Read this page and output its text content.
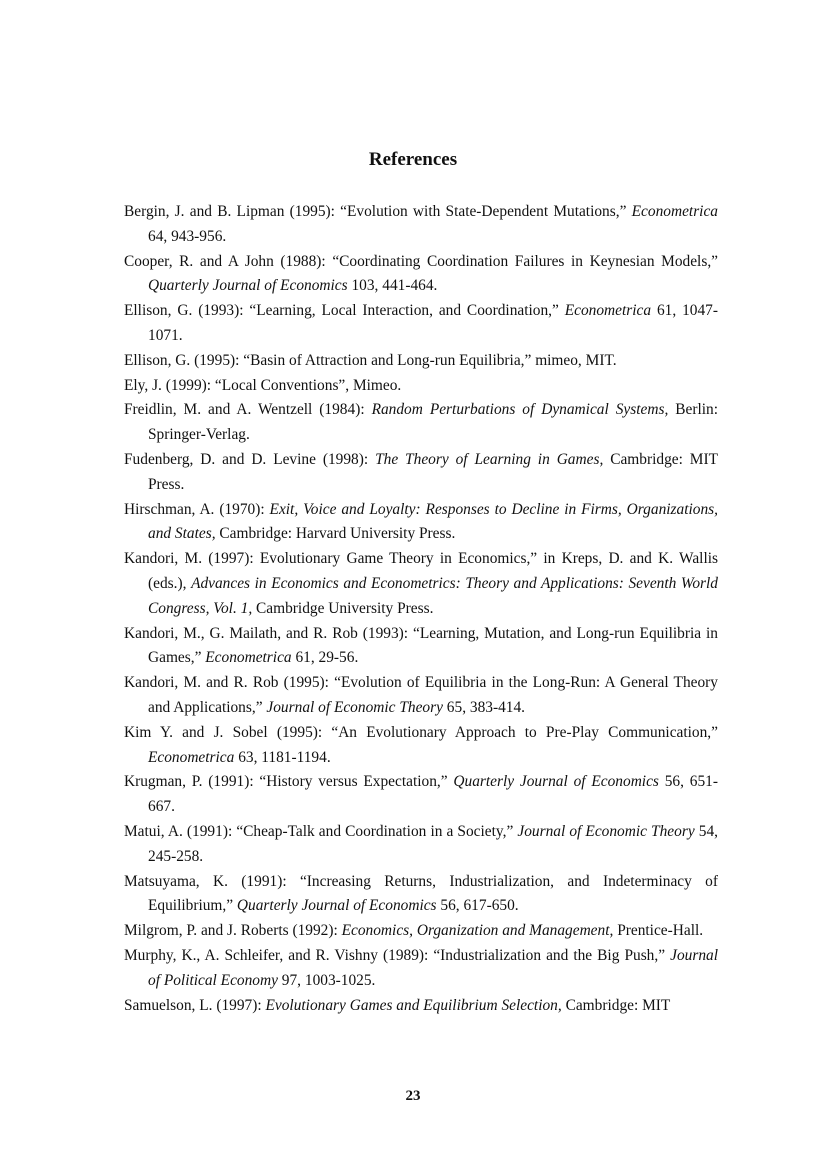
References
Bergin, J. and B. Lipman (1995): “Evolution with State-Dependent Mutations,” Econometrica 64, 943-956.
Cooper, R. and A John (1988): “Coordinating Coordination Failures in Keynesian Models,” Quarterly Journal of Economics 103, 441-464.
Ellison, G. (1993): “Learning, Local Interaction, and Coordination,” Econometrica 61, 1047-1071.
Ellison, G. (1995): “Basin of Attraction and Long-run Equilibria,” mimeo, MIT.
Ely, J. (1999): “Local Conventions”, Mimeo.
Freidlin, M. and A. Wentzell (1984): Random Perturbations of Dynamical Systems, Berlin: Springer-Verlag.
Fudenberg, D. and D. Levine (1998): The Theory of Learning in Games, Cambridge: MIT Press.
Hirschman, A. (1970): Exit, Voice and Loyalty: Responses to Decline in Firms, Organizations, and States, Cambridge: Harvard University Press.
Kandori, M. (1997): Evolutionary Game Theory in Economics,” in Kreps, D. and K. Wallis (eds.), Advances in Economics and Econometrics: Theory and Applications: Seventh World Congress, Vol. 1, Cambridge University Press.
Kandori, M., G. Mailath, and R. Rob (1993): “Learning, Mutation, and Long-run Equilibria in Games,” Econometrica 61, 29-56.
Kandori, M. and R. Rob (1995): “Evolution of Equilibria in the Long-Run: A General Theory and Applications,” Journal of Economic Theory 65, 383-414.
Kim Y. and J. Sobel (1995): “An Evolutionary Approach to Pre-Play Communication,” Econometrica 63, 1181-1194.
Krugman, P. (1991): “History versus Expectation,” Quarterly Journal of Economics 56, 651-667.
Matui, A. (1991): “Cheap-Talk and Coordination in a Society,” Journal of Economic Theory 54, 245-258.
Matsuyama, K. (1991): “Increasing Returns, Industrialization, and Indeterminacy of Equilibrium,” Quarterly Journal of Economics 56, 617-650.
Milgrom, P. and J. Roberts (1992): Economics, Organization and Management, Prentice-Hall.
Murphy, K., A. Schleifer, and R. Vishny (1989): “Industrialization and the Big Push,” Journal of Political Economy 97, 1003-1025.
Samuelson, L. (1997): Evolutionary Games and Equilibrium Selection, Cambridge: MIT
23
